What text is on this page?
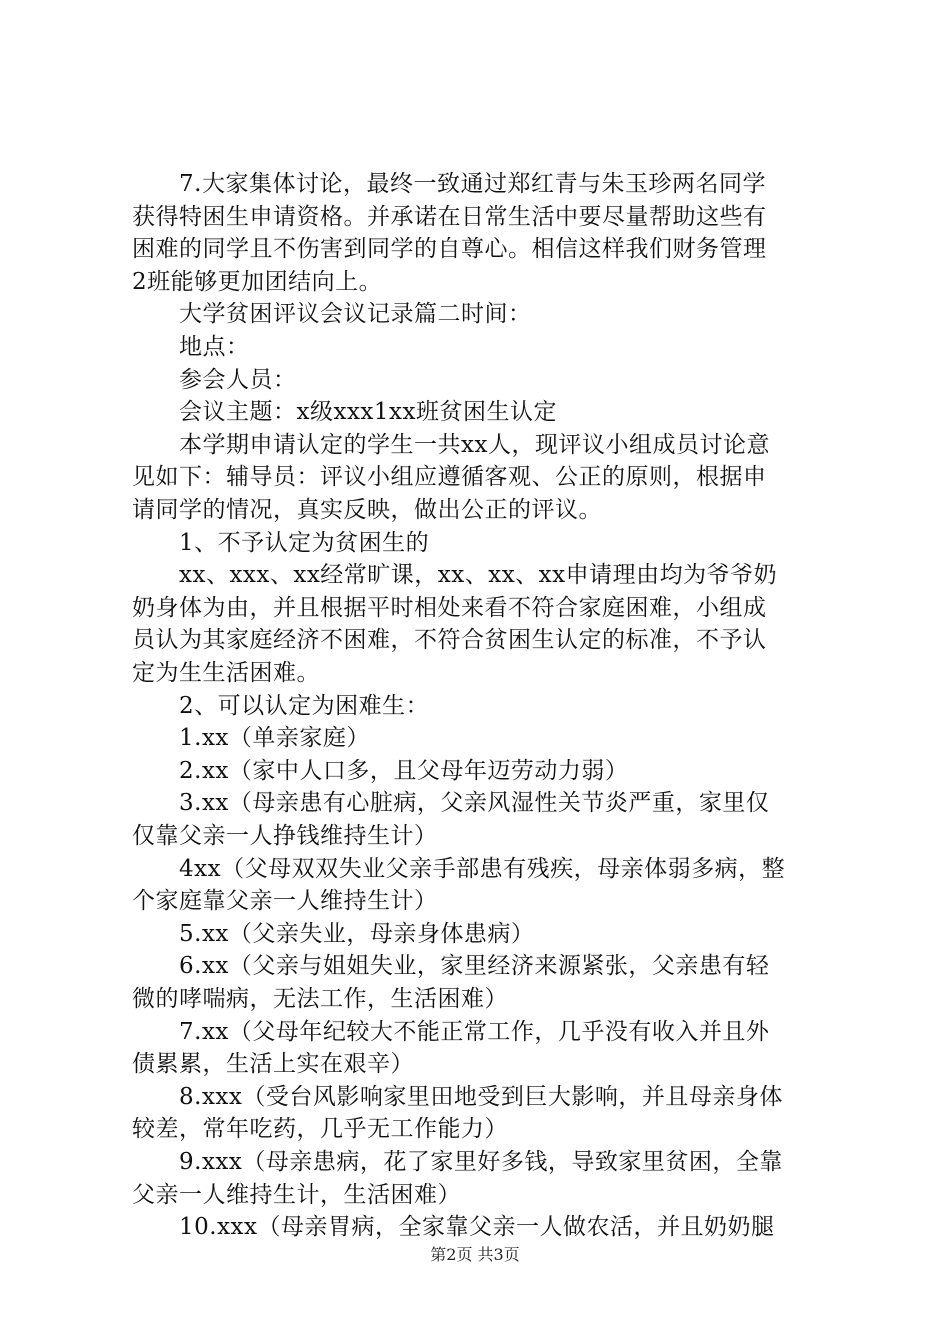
　　7.大家集体讨论，最终一致通过郑红青与朱玉珍两名同学
获得特困生申请资格。并承诺在日常生活中要尽量帮助这些有
困难的同学且不伤害到同学的自尊心。相信这样我们财务管理
2班能够更加团结向上。
　　大学贫困评议会议记录篇二时间：
　　地点：
　　参会人员：
　　会议主题：x级xxx1xx班贫困生认定
　　本学期申请认定的学生一共xx人，现评议小组成员讨论意
见如下：辅导员：评议小组应遵循客观、公正的原则，根据申
请同学的情况，真实反映，做出公正的评议。
　　1、不予认定为贫困生的
　　xx、xxx、xx经常旷课，xx、xx、xx申请理由均为爷爷奶
奶身体为由，并且根据平时相处来看不符合家庭困难，小组成
员认为其家庭经济不困难，不符合贫困生认定的标准，不予认
定为生生活困难。
　　2、可以认定为困难生：
　　1.xx（单亲家庭）
　　2.xx（家中人口多，且父母年迈劳动力弱）
　　3.xx（母亲患有心脏病，父亲风湿性关节炎严重，家里仅
仅靠父亲一人挣钱维持生计）
　　4xx（父母双双失业父亲手部患有残疾，母亲体弱多病，整
个家庭靠父亲一人维持生计）
　　5.xx（父亲失业，母亲身体患病）
　　6.xx（父亲与姐姐失业，家里经济来源紧张，父亲患有轻
微的哮喘病，无法工作，生活困难）
　　7.xx（父母年纪较大不能正常工作，几乎没有收入并且外
债累累，生活上实在艰辛）
　　8.xxx（受台风影响家里田地受到巨大影响，并且母亲身体
较差，常年吃药，几乎无工作能力）
　　9.xxx（母亲患病，花了家里好多钱，导致家里贫困，全靠
父亲一人维持生计，生活困难）
　　10.xxx（母亲胃病，全家靠父亲一人做农活，并且奶奶腿
第2页 共3页
